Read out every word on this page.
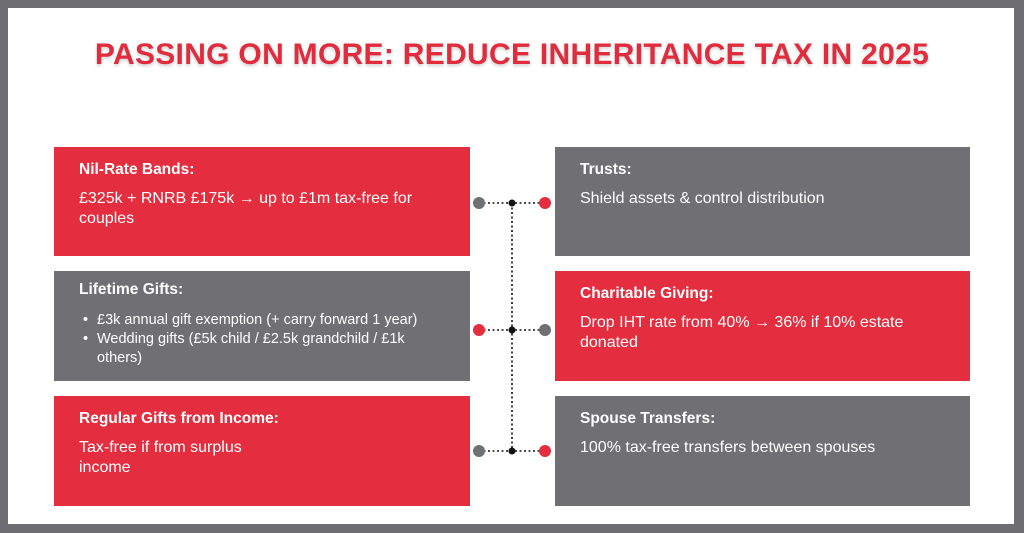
PASSING ON MORE: REDUCE INHERITANCE TAX IN 2025
Nil-Rate Bands:
£325k + RNRB £175k → up to £1m tax-free for couples
Lifetime Gifts:
• £3k annual gift exemption (+ carry forward 1 year)
• Wedding gifts (£5k child / £2.5k grandchild / £1k others)
Regular Gifts from Income:
Tax-free if from surplus income
Trusts:
Shield assets & control distribution
Charitable Giving:
Drop IHT rate from 40% → 36% if 10% estate donated
Spouse Transfers:
100% tax-free transfers between spouses
